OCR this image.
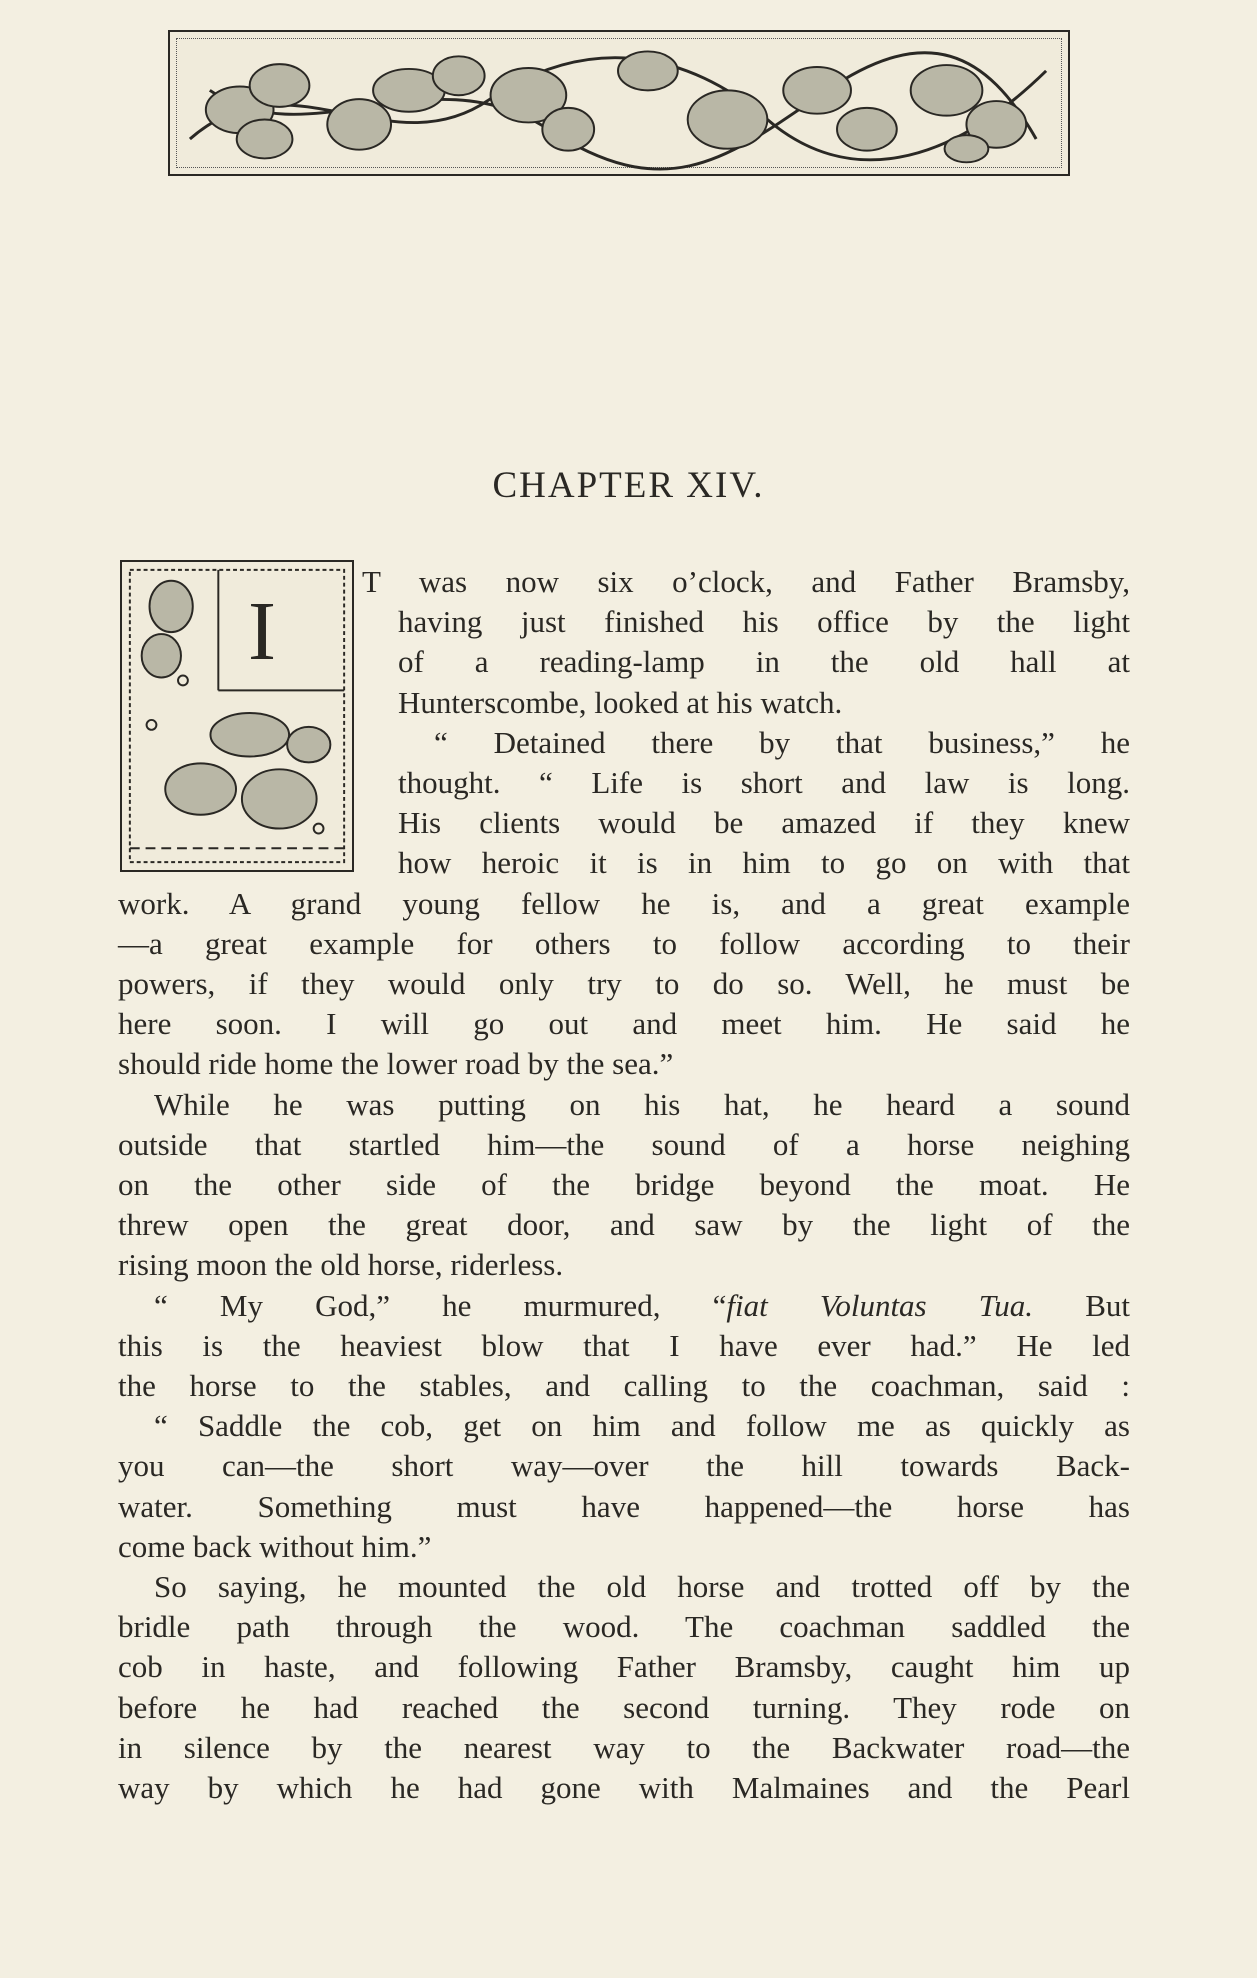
CHAPTER XIV.
I
T was now six o’clock, and Father Bramsby,
having just finished his office by the light
of a reading-lamp in the old hall at
Hunterscombe, looked at his watch.
“ Detained there by that business,” he
thought. “ Life is short and law is long.
His clients would be amazed if they knew
how heroic it is in him to go on with that
work. A grand young fellow he is, and a great example
—a great example for others to follow according to their
powers, if they would only try to do so. Well, he must be
here soon. I will go out and meet him. He said he
should ride home the lower road by the sea.”
While he was putting on his hat, he heard a sound
outside that startled him—the sound of a horse neighing
on the other side of the bridge beyond the moat. He
threw open the great door, and saw by the light of the
rising moon the old horse, riderless.
“ My God,” he murmured, “fiat Voluntas Tua. But
this is the heaviest blow that I have ever had.” He led
the horse to the stables, and calling to the coachman, said :
“ Saddle the cob, get on him and follow me as quickly as
you can—the short way—over the hill towards Back-
water. Something must have happened—the horse has
come back without him.”
So saying, he mounted the old horse and trotted off by the
bridle path through the wood. The coachman saddled the
cob in haste, and following Father Bramsby, caught him up
before he had reached the second turning. They rode on
in silence by the nearest way to the Backwater road—the
way by which he had gone with Malmaines and the Pearl
